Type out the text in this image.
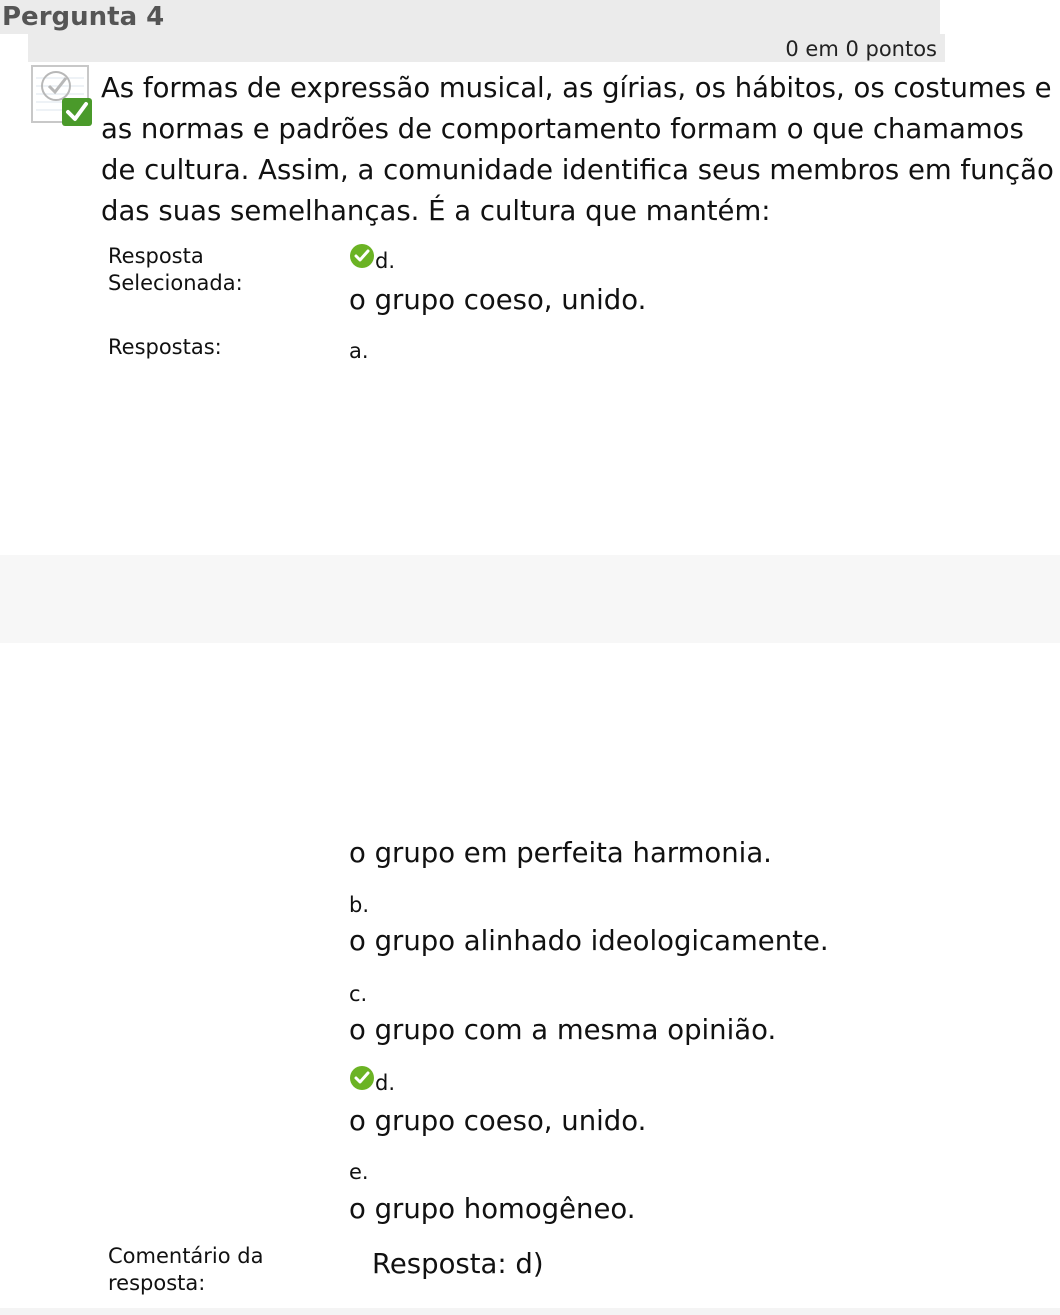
Pergunta 4
0 em 0 pontos
As formas de expressão musical, as gírias, os hábitos, os costumes e
as normas e padrões de comportamento formam o que chamamos
de cultura. Assim, a comunidade identifica seus membros em função
das suas semelhanças. É a cultura que mantém:
Resposta
Selecionada:
d.
o grupo coeso, unido.
Respostas:	a.
o grupo em perfeita harmonia.
b.
o grupo alinhado ideologicamente.
c.
o grupo com a mesma opinião.
d.
o grupo coeso, unido.
e.
o grupo homogêneo.
Comentário da
resposta:
Resposta: d)
